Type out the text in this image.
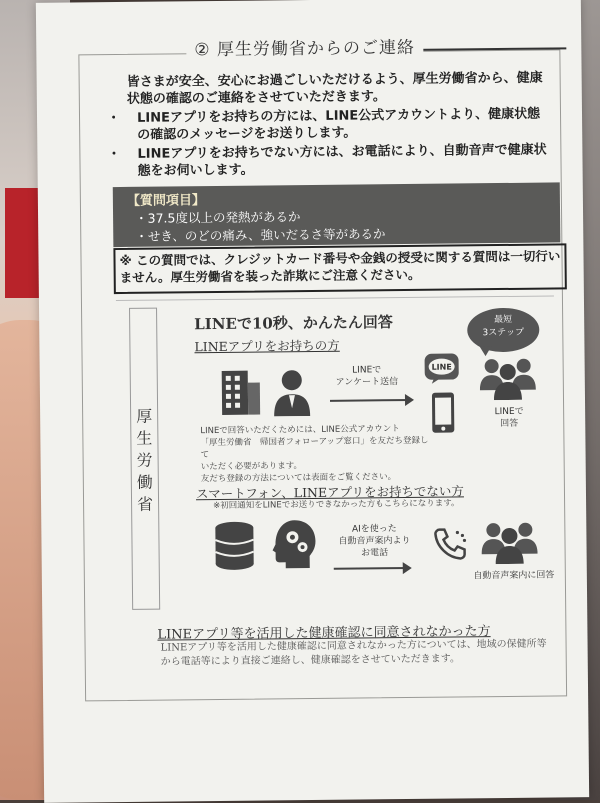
② 厚生労働省からのご連絡
皆さまが安全、安心にお過ごしいただけるよう、厚生労働省から、健康状態の確認のご連絡をさせていただきます。
・ LINEアプリをお持ちの方には、LINE公式アカウントより、健康状態の確認のメッセージをお送りします。
・ LINEアプリをお持ちでない方には、お電話により、自動音声で健康状態をお伺いします。
【質問項目】
・37.5度以上の発熱があるか
・せき、のどの痛み、強いだるさ等があるか
※ この質問では、クレジットカード番号や金銭の授受に関する質問は一切行いません。厚生労働省を装った詐欺にご注意ください。
厚
生
労
働
省
LINEで10秒、かんたん回答	最短
3ステップ
LINEアプリをお持ちの方
LINEで
アンケート送信
LINE
LINEで
回答
LINEで回答いただくためには、LINE公式アカウント
「厚生労働省　帰国者フォローアップ窓口」を友だち登録して
いただく必要があります。
友だち登録の方法については表面をご覧ください。
スマートフォン、LINEアプリをお持ちでない方
※初回通知をLINEでお送りできなかった方もこちらになります。
AIを使った
自動音声案内より
お電話
自動音声案内に回答
LINEアプリ等を活用した健康確認に同意されなかった方
LINEアプリ等を活用した健康確認に同意されなかった方については、地域の保健所等から電話等により直接ご連絡し、健康確認をさせていただきます。
